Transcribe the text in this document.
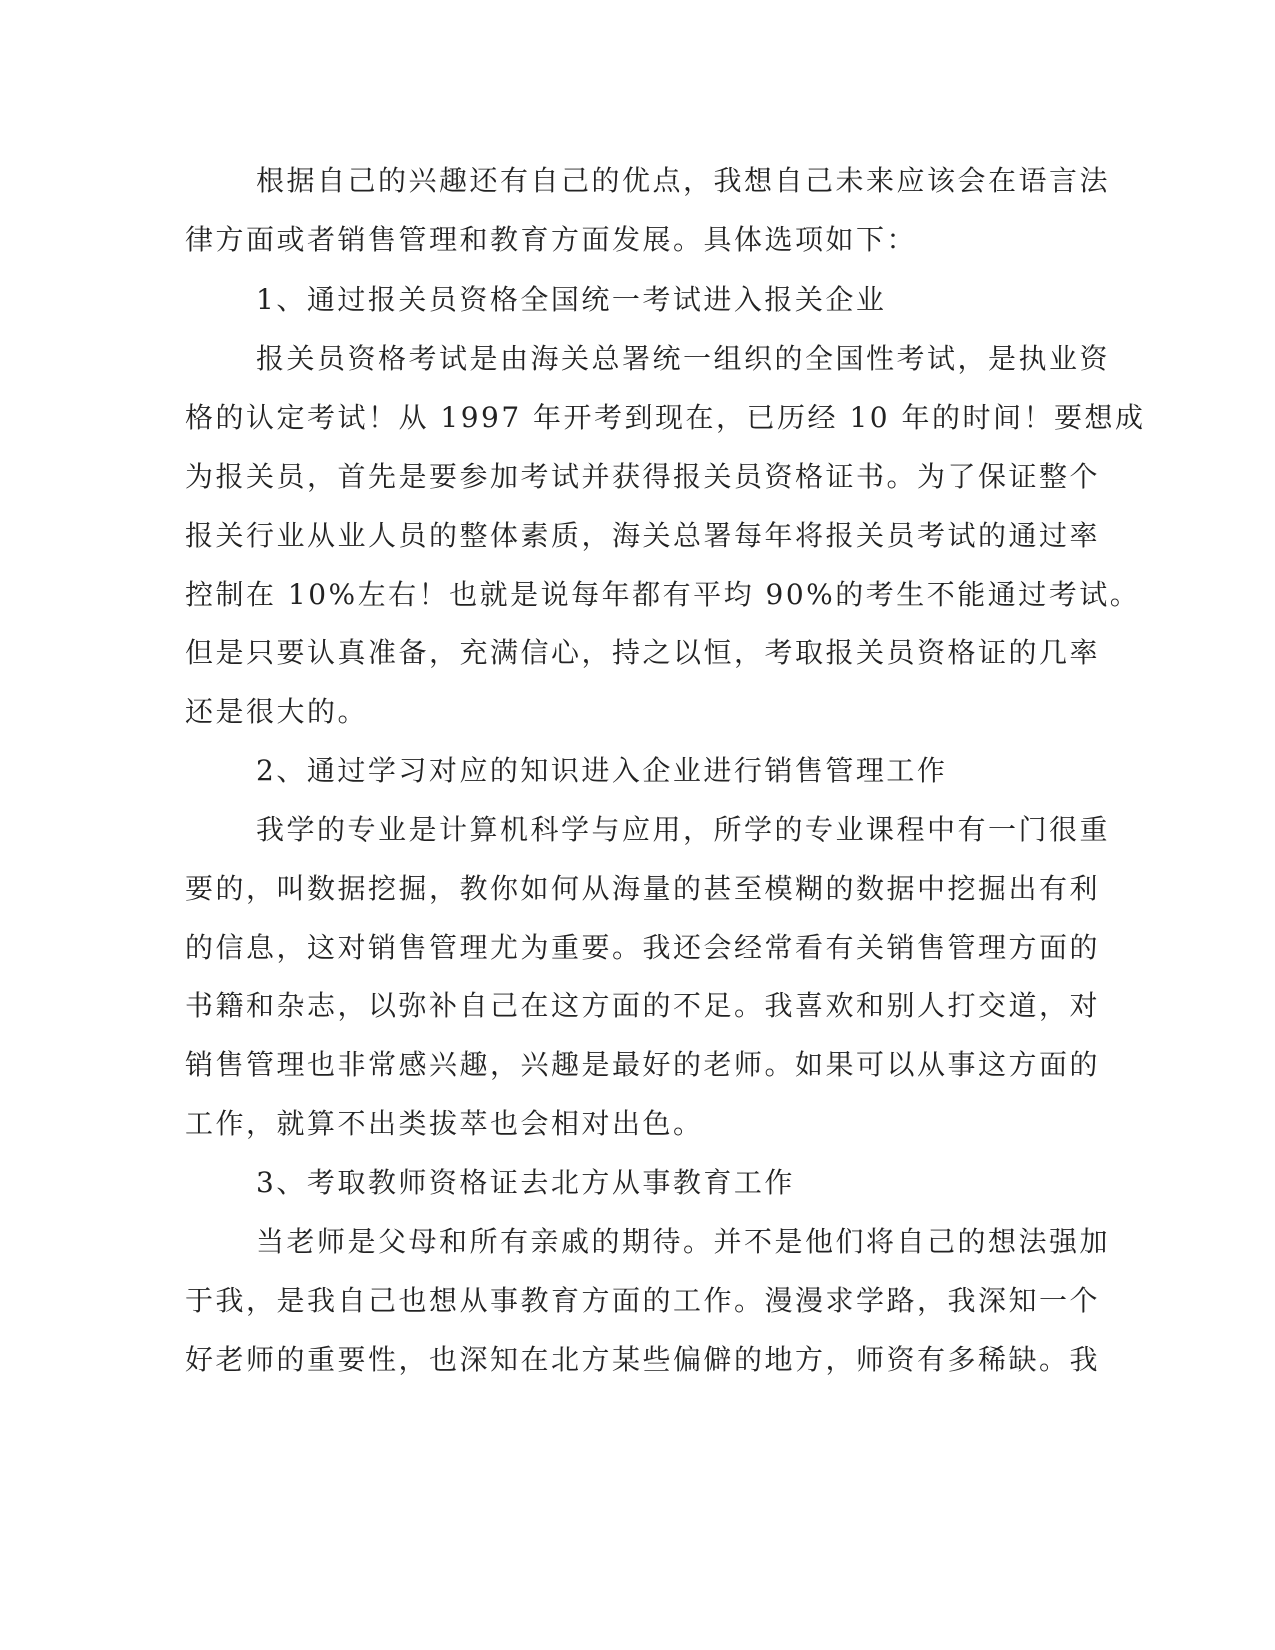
根据自己的兴趣还有自己的优点，我想自己未来应该会在语言法
律方面或者销售管理和教育方面发展。具体选项如下：
1、通过报关员资格全国统一考试进入报关企业
报关员资格考试是由海关总署统一组织的全国性考试，是执业资
格的认定考试！从 1997 年开考到现在，已历经 10 年的时间！要想成
为报关员，首先是要参加考试并获得报关员资格证书。为了保证整个
报关行业从业人员的整体素质，海关总署每年将报关员考试的通过率
控制在 10%左右！也就是说每年都有平均 90%的考生不能通过考试。
但是只要认真准备，充满信心，持之以恒，考取报关员资格证的几率
还是很大的。
2、通过学习对应的知识进入企业进行销售管理工作
我学的专业是计算机科学与应用，所学的专业课程中有一门很重
要的，叫数据挖掘，教你如何从海量的甚至模糊的数据中挖掘出有利
的信息，这对销售管理尤为重要。我还会经常看有关销售管理方面的
书籍和杂志，以弥补自己在这方面的不足。我喜欢和别人打交道，对
销售管理也非常感兴趣，兴趣是最好的老师。如果可以从事这方面的
工作，就算不出类拔萃也会相对出色。
3、考取教师资格证去北方从事教育工作
当老师是父母和所有亲戚的期待。并不是他们将自己的想法强加
于我，是我自己也想从事教育方面的工作。漫漫求学路，我深知一个
好老师的重要性，也深知在北方某些偏僻的地方，师资有多稀缺。我
